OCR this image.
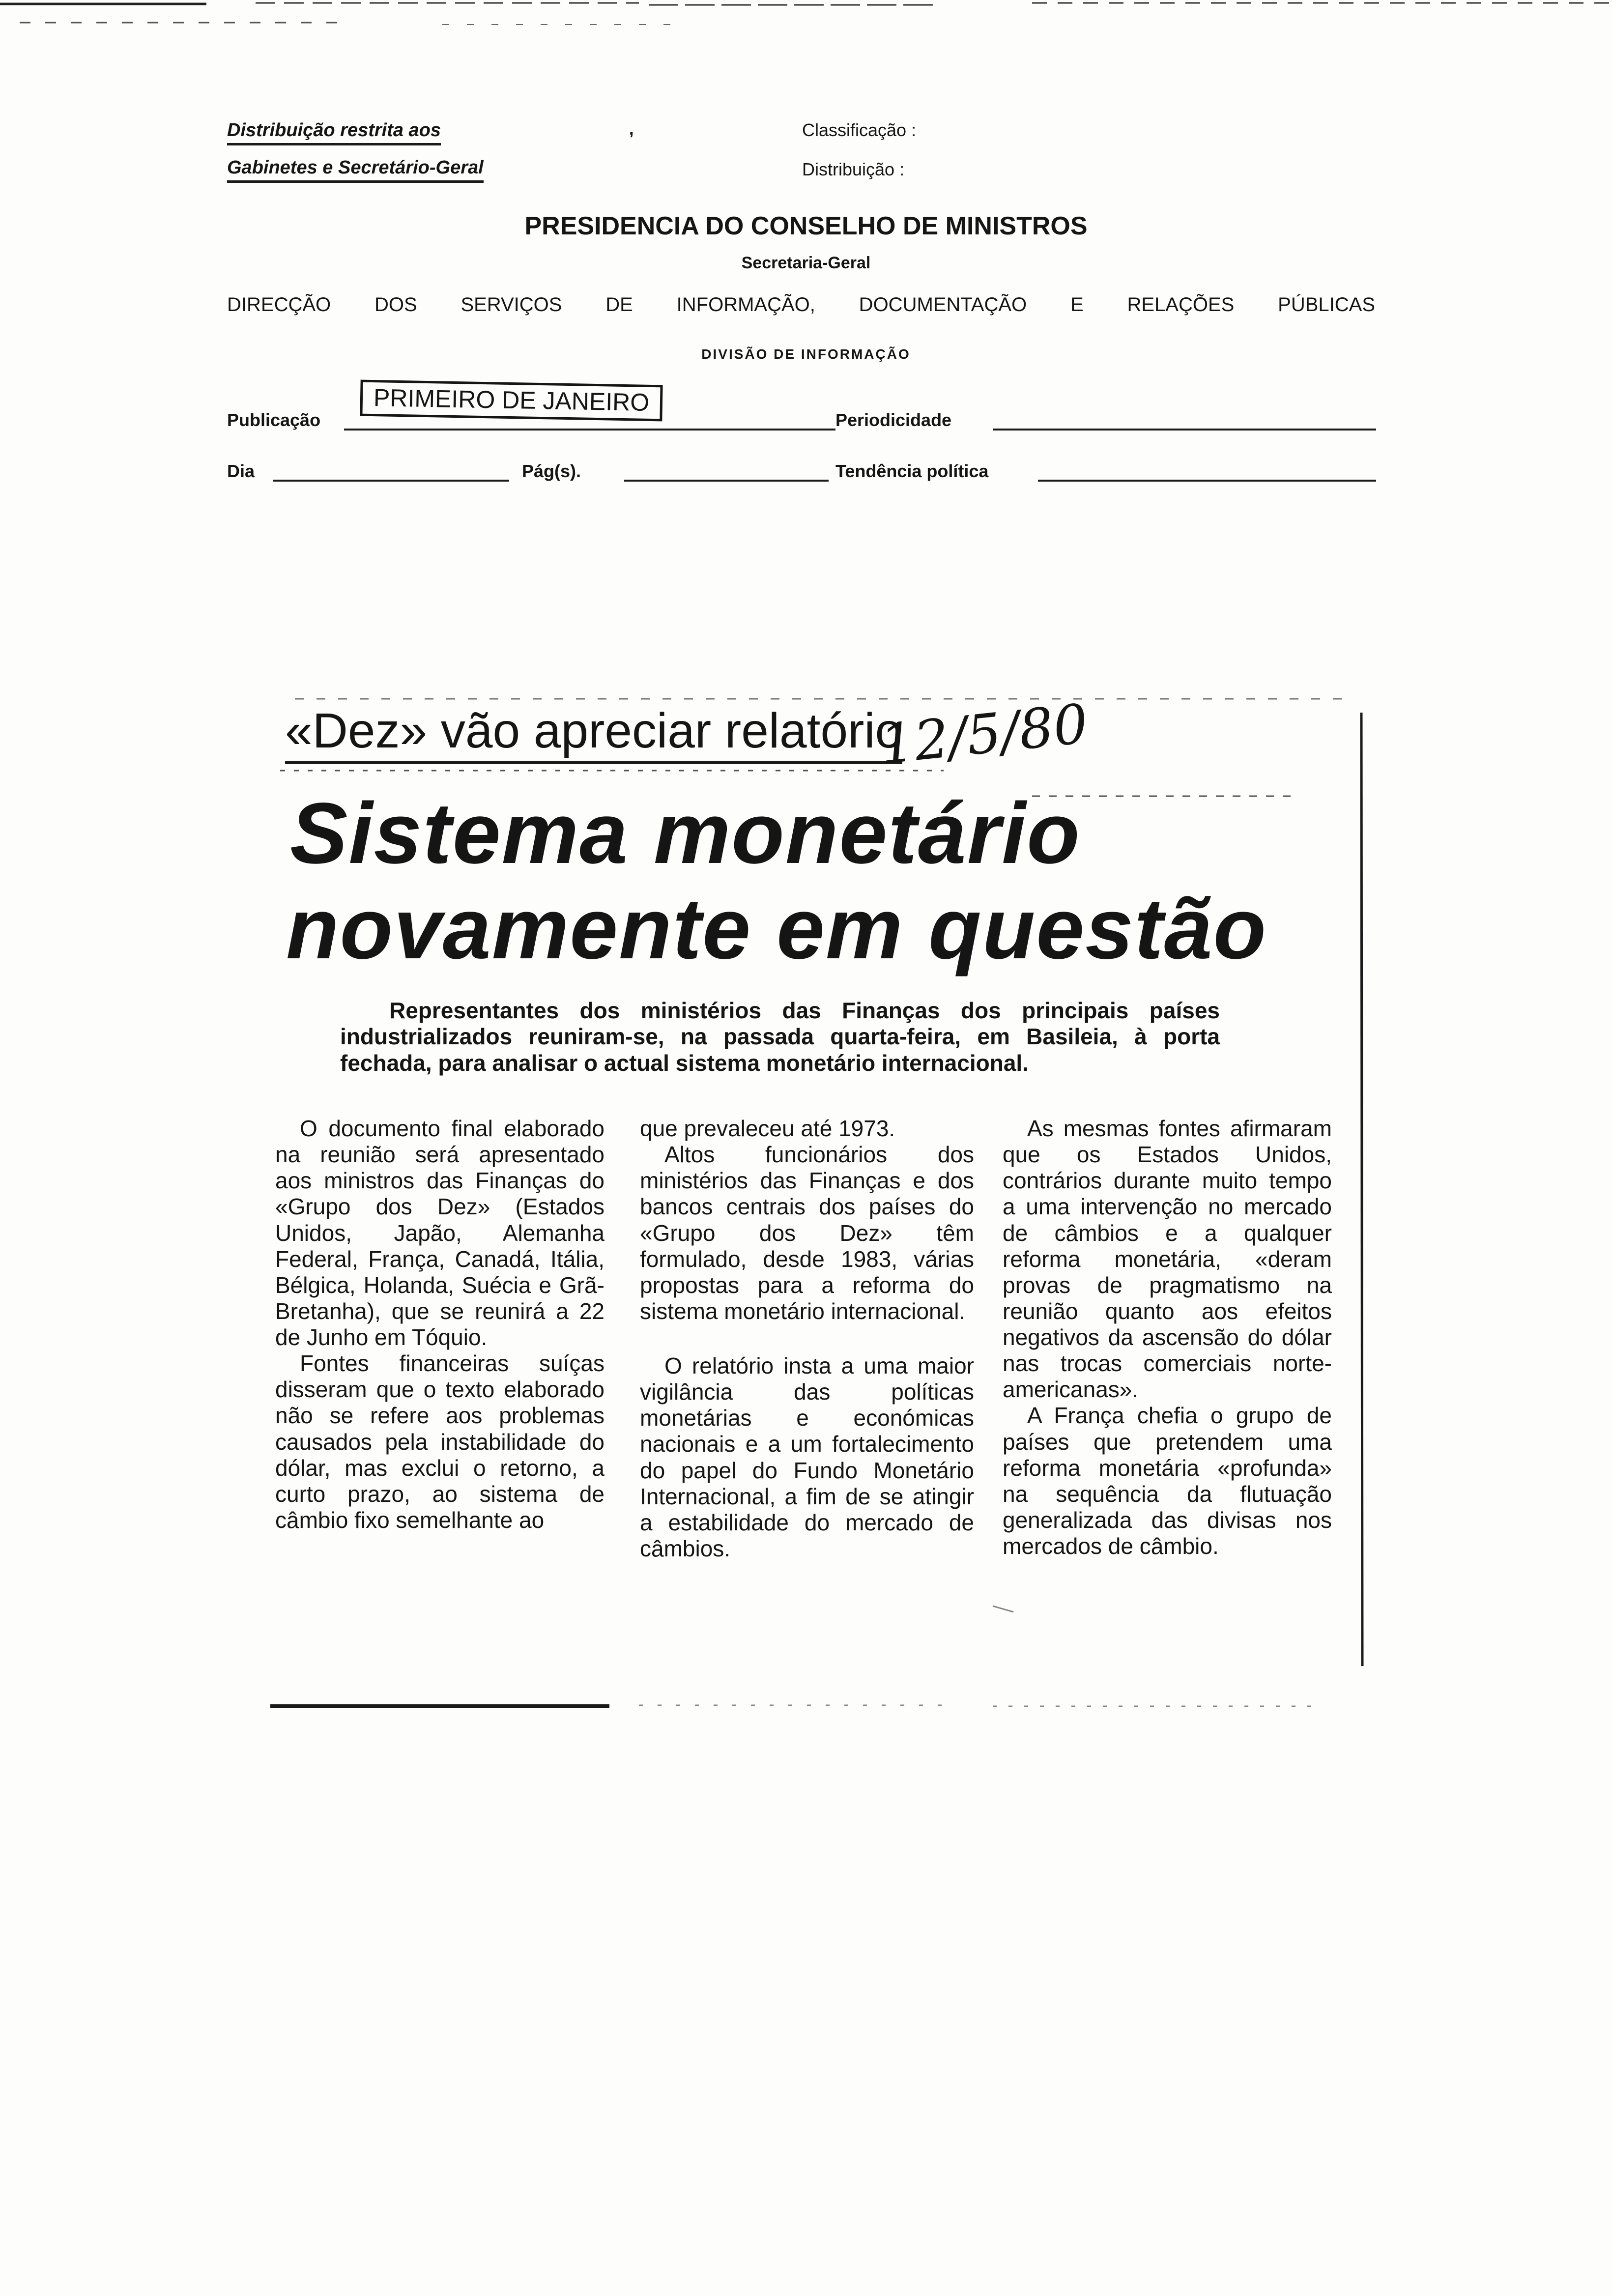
Distribuição restrita aos
Gabinetes e Secretário-Geral
,	Classificação :
Distribuição :
PRESIDENCIA DO CONSELHO DE MINISTROS
Secretaria-Geral
DIRECÇÃO DOS SERVIÇOS DE INFORMAÇÃO, DOCUMENTAÇÃO E RELAÇÕES PÚBLICAS
DIVISÃO DE INFORMAÇÃO
Publicação
PRIMEIRO DE JANEIRO
Periodicidade
Dia	Pág(s).	Tendência política
«Dez» vão apreciar relatório
12/5/80
Sistema monetário
novamente em questão
Representantes dos ministérios das Finanças dos principais países industrializados reuniram-se, na passada quarta-feira, em Basileia, à porta fechada, para analisar o actual sistema monetário internacional.

O documento final elaborado na reunião será apresentado aos ministros das Finanças do «Grupo dos Dez» (Estados Unidos, Japão, Alemanha Federal, França, Canadá, Itália, Bélgica, Holanda, Suécia e Grã-Bretanha), que se reunirá a 22 de Junho em Tóquio.

Fontes financeiras suíças disseram que o texto elaborado não se refere aos problemas causados pela instabilidade do dólar, mas exclui o retorno, a curto prazo, ao sistema de câmbio fixo semelhante ao

que prevaleceu até 1973.

Altos funcionários dos ministérios das Finanças e dos bancos centrais dos países do «Grupo dos Dez» têm formulado, desde 1983, várias propostas para a reforma do sistema monetário internacional.

O relatório insta a uma maior vigilância das políticas monetárias e económicas nacionais e a um fortalecimento do papel do Fundo Monetário Internacional, a fim de se atingir a estabilidade do mercado de câmbios.

As mesmas fontes afirmaram que os Estados Unidos, contrários durante muito tempo a uma intervenção no mercado de câmbios e a qualquer reforma monetária, «deram provas de pragmatismo na reunião quanto aos efeitos negativos da ascensão do dólar nas trocas comerciais norte-americanas».

A França chefia o grupo de países que pretendem uma reforma monetária «profunda» na sequência da flutuação generalizada das divisas nos mercados de câmbio.
